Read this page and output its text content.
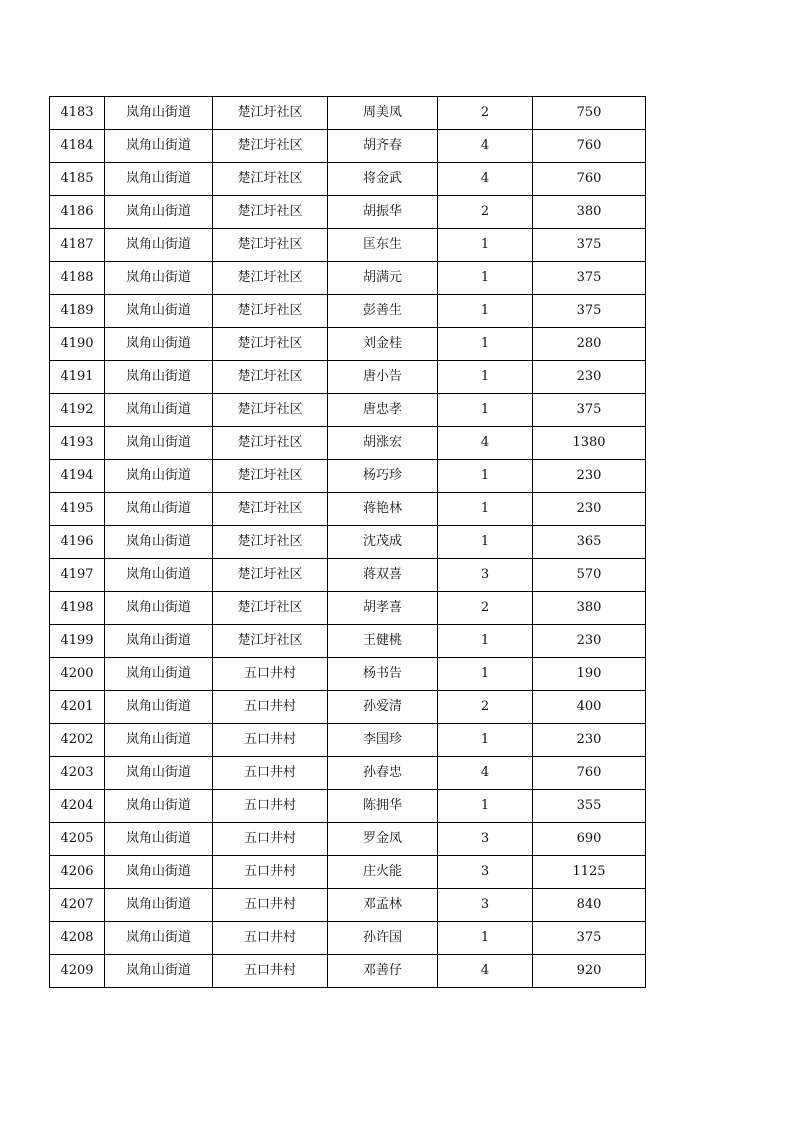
4183	岚角山街道	楚江圩社区	周美凤	2	750
4184	岚角山街道	楚江圩社区	胡齐春	4	760
4185	岚角山街道	楚江圩社区	将金武	4	760
4186	岚角山街道	楚江圩社区	胡振华	2	380
4187	岚角山街道	楚江圩社区	匡东生	1	375
4188	岚角山街道	楚江圩社区	胡满元	1	375
4189	岚角山街道	楚江圩社区	彭善生	1	375
4190	岚角山街道	楚江圩社区	刘金桂	1	280
4191	岚角山街道	楚江圩社区	唐小告	1	230
4192	岚角山街道	楚江圩社区	唐忠孝	1	375
4193	岚角山街道	楚江圩社区	胡涨宏	4	1380
4194	岚角山街道	楚江圩社区	杨巧珍	1	230
4195	岚角山街道	楚江圩社区	蒋艳林	1	230
4196	岚角山街道	楚江圩社区	沈茂成	1	365
4197	岚角山街道	楚江圩社区	蒋双喜	3	570
4198	岚角山街道	楚江圩社区	胡孝喜	2	380
4199	岚角山街道	楚江圩社区	王健桃	1	230
4200	岚角山街道	五口井村	杨书告	1	190
4201	岚角山街道	五口井村	孙爱清	2	400
4202	岚角山街道	五口井村	李国珍	1	230
4203	岚角山街道	五口井村	孙春忠	4	760
4204	岚角山街道	五口井村	陈拥华	1	355
4205	岚角山街道	五口井村	罗金凤	3	690
4206	岚角山街道	五口井村	庄火能	3	1125
4207	岚角山街道	五口井村	邓孟林	3	840
4208	岚角山街道	五口井村	孙许国	1	375
4209	岚角山街道	五口井村	邓善仔	4	920
